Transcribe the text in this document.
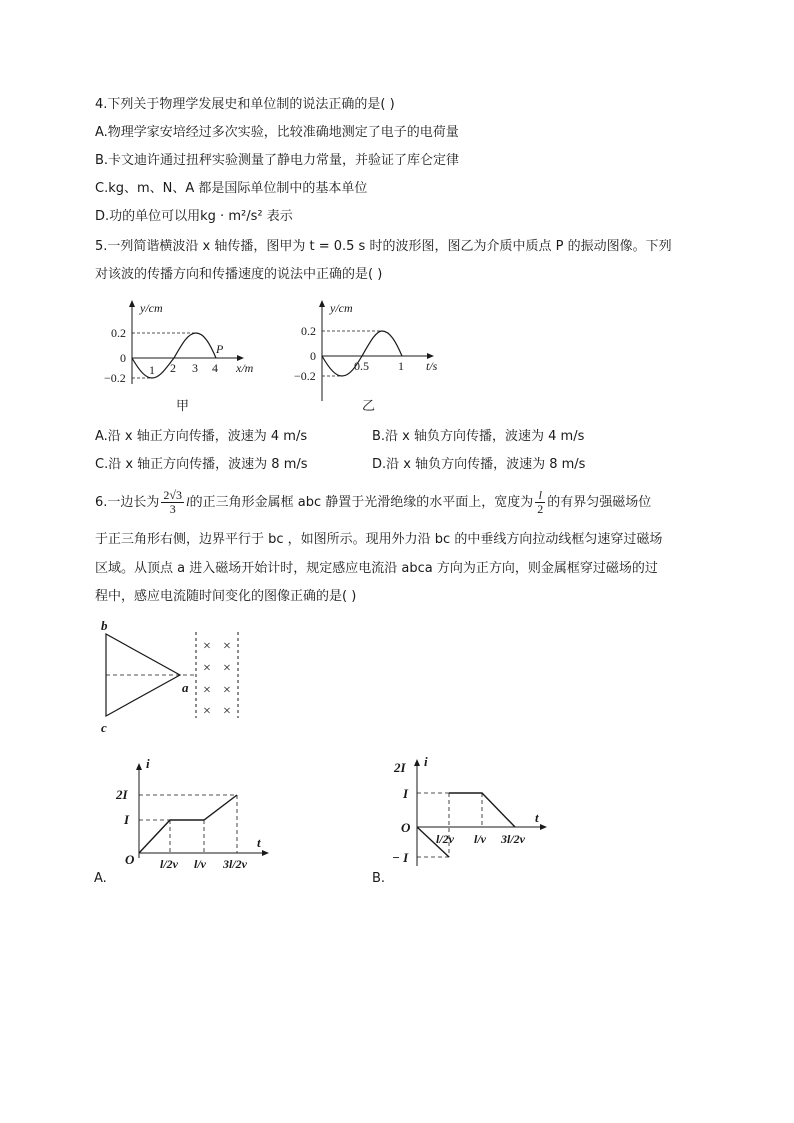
4.下列关于物理学发展史和单位制的说法正确的是( )
A.物理学家安培经过多次实验，比较准确地测定了电子的电荷量
B.卡文迪许通过扭秤实验测量了静电力常量，并验证了库仑定律
C.kg、m、N、A 都是国际单位制中的基本单位
D.功的单位可以用kg · m²/s² 表示
5.一列简谐横波沿 x 轴传播，图甲为 t = 0.5 s 时的波形图，图乙为介质中质点 P 的振动图像。下列
对该波的传播方向和传播速度的说法中正确的是( )
y/cm
0.2
0
−0.2
1 2 3 4 x/m
P
甲
y/cm
0.2
0
−0.2
0.5 1 t/s
乙
A.沿 x 轴正方向传播，波速为 4 m/s	B.沿 x 轴负方向传播，波速为 4 m/s
C.沿 x 轴正方向传播，波速为 8 m/s	D.沿 x 轴负方向传播，波速为 8 m/s
6.一边长为 $\frac{2√3}{3}$ l的正三角形金属框 abc 静置于光滑绝缘的水平面上，宽度为 $\frac{l}{2}$ 的有界匀强磁场位
于正三角形右侧，边界平行于 bc ，如图所示。现用外力沿 bc 的中垂线方向拉动线框匀速穿过磁场
区域。从顶点 a 进入磁场开始计时，规定感应电流沿 abca 方向为正方向，则金属框穿过磁场的过
程中，感应电流随时间变化的图像正确的是( )
× ×
× ×
× ×
× ×
b
c
a
i
2I
I
O l/2v l/v 3l/2v
t
A.
i
2I
I
O
− I
l/2v l/v 3l/2v
t
B.
